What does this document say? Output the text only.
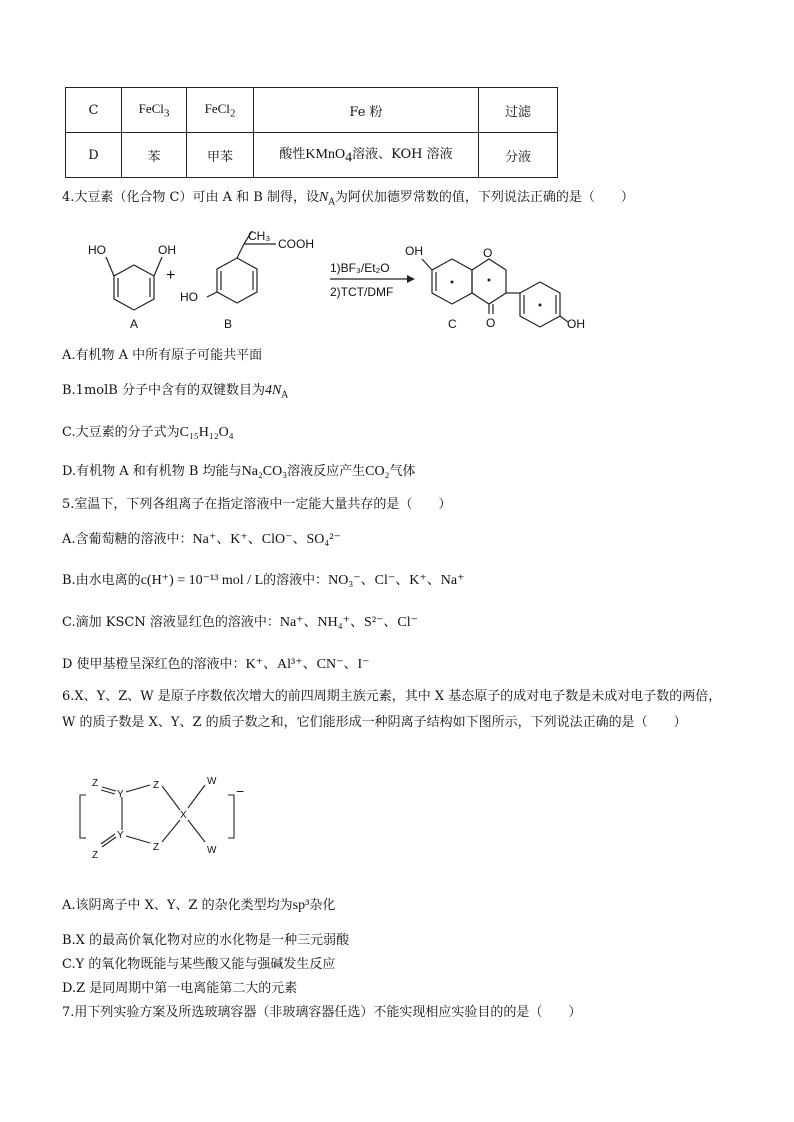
C	FeCl$_3$	FeCl$_2$	Fe 粉	过滤
D	苯	甲苯	酸性KMnO$_4$溶液、KOH 溶液	分液
4.大豆素（化合物 C）可由 A 和 B 制得，设$N_A$为阿伏加德罗常数的值，下列说法正确的是（　　）
HO	OH
+
CH₃
COOH
HO
1)BF₃/Et₂O
2)TCT/DMF
OH	O
O	OH
A	B	C
A.有机物 A 中所有原子可能共平面
B.1molB 分子中含有的双键数目为$4N_A$
C.大豆素的分子式为C₁₅H₁₂O₄
D.有机物 A 和有机物 B 均能与Na₂CO₃溶液反应产生CO₂气体
5.室温下，下列各组离子在指定溶液中一定能大量共存的是（　　）
A.含葡萄糖的溶液中：Na⁺、K⁺、ClO⁻、SO₄²⁻
B.由水电离的c(H⁺) = 10⁻¹³ mol / L的溶液中：NO₃⁻、Cl⁻、K⁺、Na⁺
C.滴加 KSCN 溶液显红色的溶液中：Na⁺、NH₄⁺、S²⁻、Cl⁻
D 使甲基橙呈深红色的溶液中：K⁺、Al³⁺、CN⁻、I⁻
6.X、Y、Z、W 是原子序数依次增大的前四周期主族元素，其中 X 基态原子的成对电子数是未成对电子数的两倍，W 的质子数是 X、Y、Z 的质子数之和，它们能形成一种阴离子结构如下图所示，下列说法正确的是（　　）
Z
Y
Z	W
X
Y
Z
Z	W
−
A.该阴离子中 X、Y、Z 的杂化类型均为sp³杂化
B.X 的最高价氧化物对应的水化物是一种三元弱酸
C.Y 的氧化物既能与某些酸又能与强碱发生反应
D.Z 是同周期中第一电离能第二大的元素
7.用下列实验方案及所选玻璃容器（非玻璃容器任选）不能实现相应实验目的的是（　　）
